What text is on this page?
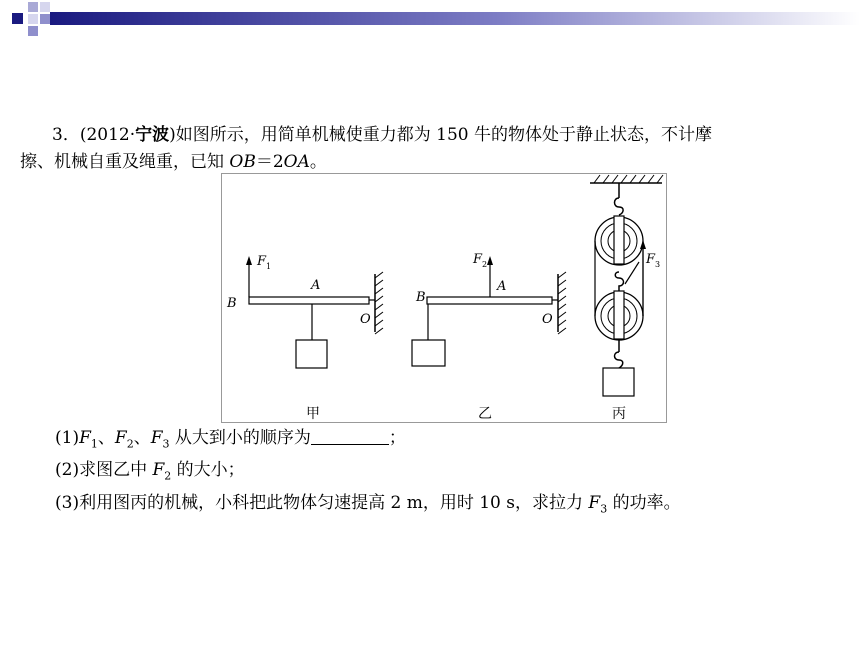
3．(2012·宁波)如图所示，用简单机械使重力都为 150 牛的物体处于静止状态，不计摩
擦、机械自重及绳重，已知 OB＝2OA。
F 1
A
B
O
甲
F 2
A
B
O
乙
F 3
丙
$(1)F_1$、$F_2$、$F_3$ 从大到小的顺序为	；
(2)求图乙中 $F_2$ 的大小；
(3)利用图丙的机械，小科把此物体匀速提高 2 m，用时 10 s，求拉力 $F_3$ 的功率。
